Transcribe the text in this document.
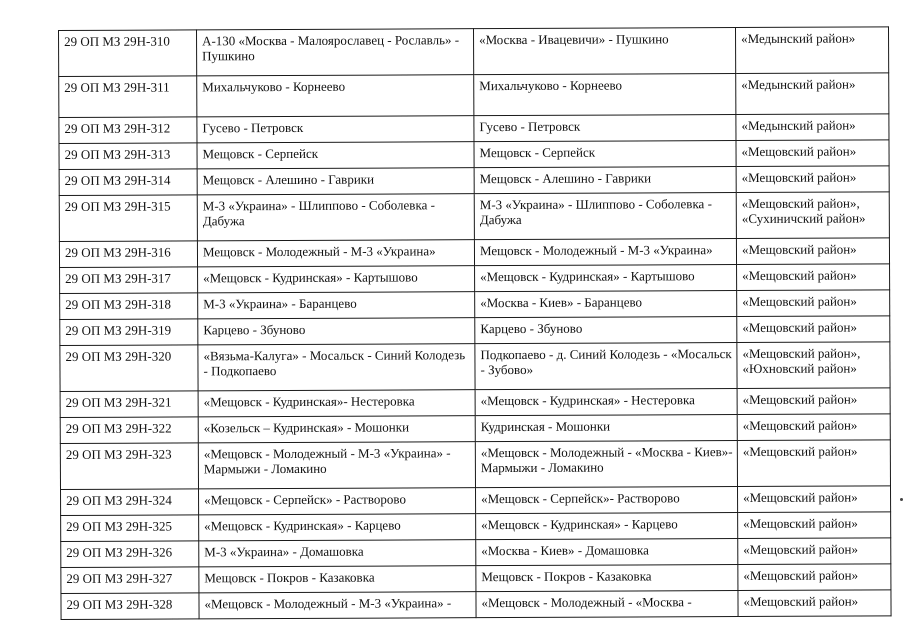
29 ОП МЗ 29Н-310	А-130 «Москва - Малоярославец - Рославль» - Пушкино	«Москва - Ивацевичи» - Пушкино	«Медынский район»
29 ОП МЗ 29Н-311	Михальчуково - Корнеево	Михальчуково - Корнеево	«Медынский район»
29 ОП МЗ 29Н-312	Гусево - Петровск	Гусево - Петровск	«Медынский район»
29 ОП МЗ 29Н-313	Мещовск - Серпейск	Мещовск - Серпейск	«Мещовский район»
29 ОП МЗ 29Н-314	Мещовск - Алешино - Гаврики	Мещовск - Алешино - Гаврики	«Мещовский район»
29 ОП МЗ 29Н-315	М-3 «Украина» - Шлиппово - Соболевка - Дабужа	М-3 «Украина» - Шлиппово - Соболевка - Дабужа	«Мещовский район», «Сухиничский район»
29 ОП МЗ 29Н-316	Мещовск - Молодежный - М-3 «Украина»	Мещовск - Молодежный - М-3 «Украина»	«Мещовский район»
29 ОП МЗ 29Н-317	«Мещовск - Кудринская» - Картышово	«Мещовск - Кудринская» - Картышово	«Мещовский район»
29 ОП МЗ 29Н-318	М-3 «Украина» - Баранцево	«Москва - Киев» - Баранцево	«Мещовский район»
29 ОП МЗ 29Н-319	Карцево - Збуново	Карцево - Збуново	«Мещовский район»
29 ОП МЗ 29Н-320	«Вязьма-Калуга» - Мосальск - Синий Колодезь - Подкопаево	Подкопаево - д. Синий Колодезь - «Мосальск - Зубово»	«Мещовский район», «Юхновский район»
29 ОП МЗ 29Н-321	«Мещовск - Кудринская»- Нестеровка	«Мещовск - Кудринская» - Нестеровка	«Мещовский район»
29 ОП МЗ 29Н-322	«Козельск – Кудринская» - Мошонки	Кудринская - Мошонки	«Мещовский район»
29 ОП МЗ 29Н-323	«Мещовск - Молодежный - М-3 «Украина» - Мармыжи - Ломакино	«Мещовск - Молодежный - «Москва - Киев»- Мармыжи - Ломакино	«Мещовский район»
29 ОП МЗ 29Н-324	«Мещовск - Серпейск» - Растворово	«Мещовск - Серпейск»- Растворово	«Мещовский район»
29 ОП МЗ 29Н-325	«Мещовск - Кудринская» - Карцево	«Мещовск - Кудринская» - Карцево	«Мещовский район»
29 ОП МЗ 29Н-326	М-3 «Украина» - Домашовка	«Москва - Киев» - Домашовка	«Мещовский район»
29 ОП МЗ 29Н-327	Мещовск - Покров - Казаковка	Мещовск - Покров - Казаковка	«Мещовский район»
29 ОП МЗ 29Н-328	«Мещовск - Молодежный - М-3 «Украина» -	«Мещовск - Молодежный - «Москва -	«Мещовский район»
